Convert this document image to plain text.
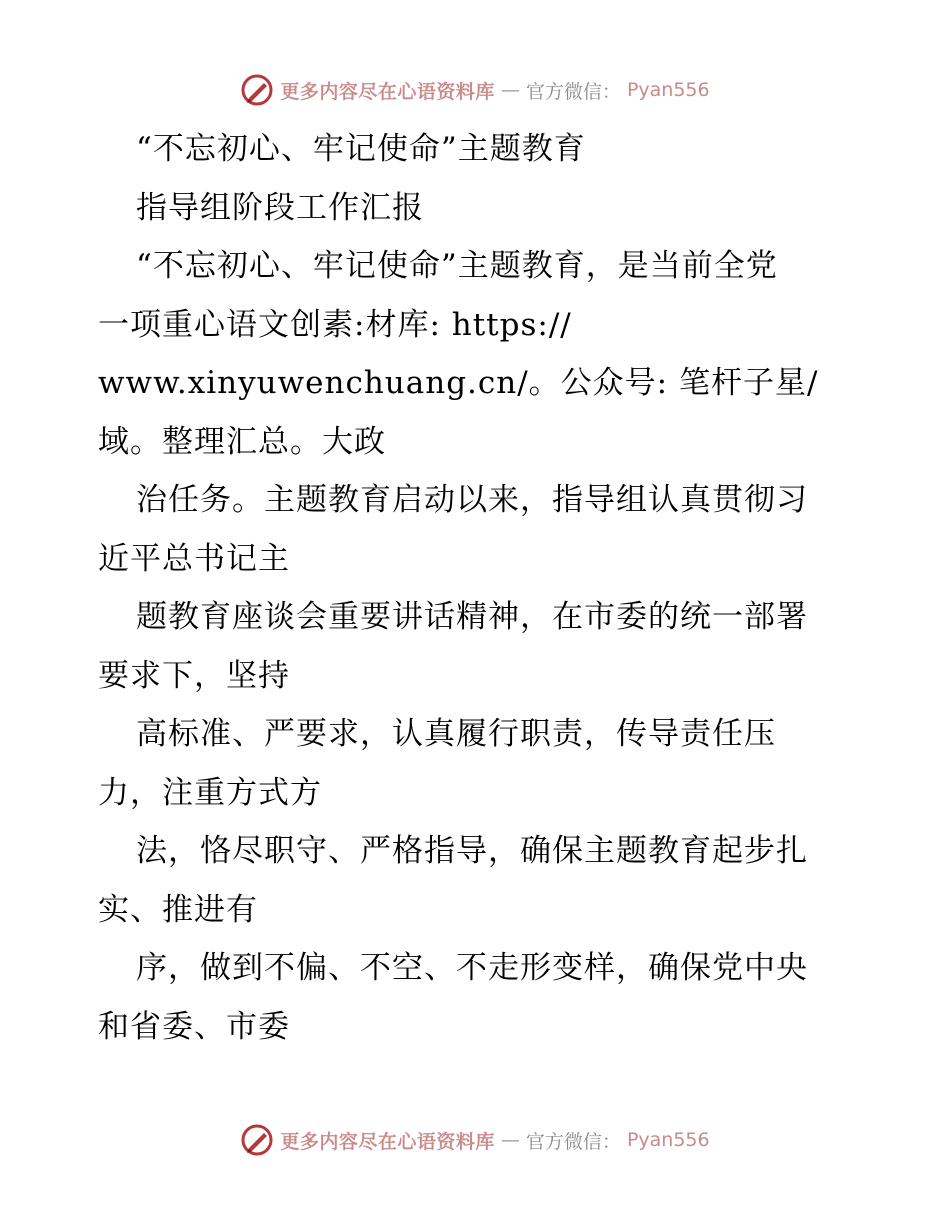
更多内容尽在心语资料库 — 官方微信： Pyan556
“不忘初心、牢记使命”主题教育
指导组阶段工作汇报
“不忘初心、牢记使命”主题教育，是当前全党
一项重心语文创素:材库: https://
www.xinyuwenchuang.cn/。公众号: 笔杆子星/
域。整理汇总。大政
治任务。主题教育启动以来，指导组认真贯彻习
近平总书记主
题教育座谈会重要讲话精神，在市委的统一部署
要求下，坚持
高标准、严要求，认真履行职责，传导责任压
力，注重方式方
法，恪尽职守、严格指导，确保主题教育起步扎
实、推进有
序，做到不偏、不空、不走形变样，确保党中央
和省委、市委
更多内容尽在心语资料库 — 官方微信： Pyan556
